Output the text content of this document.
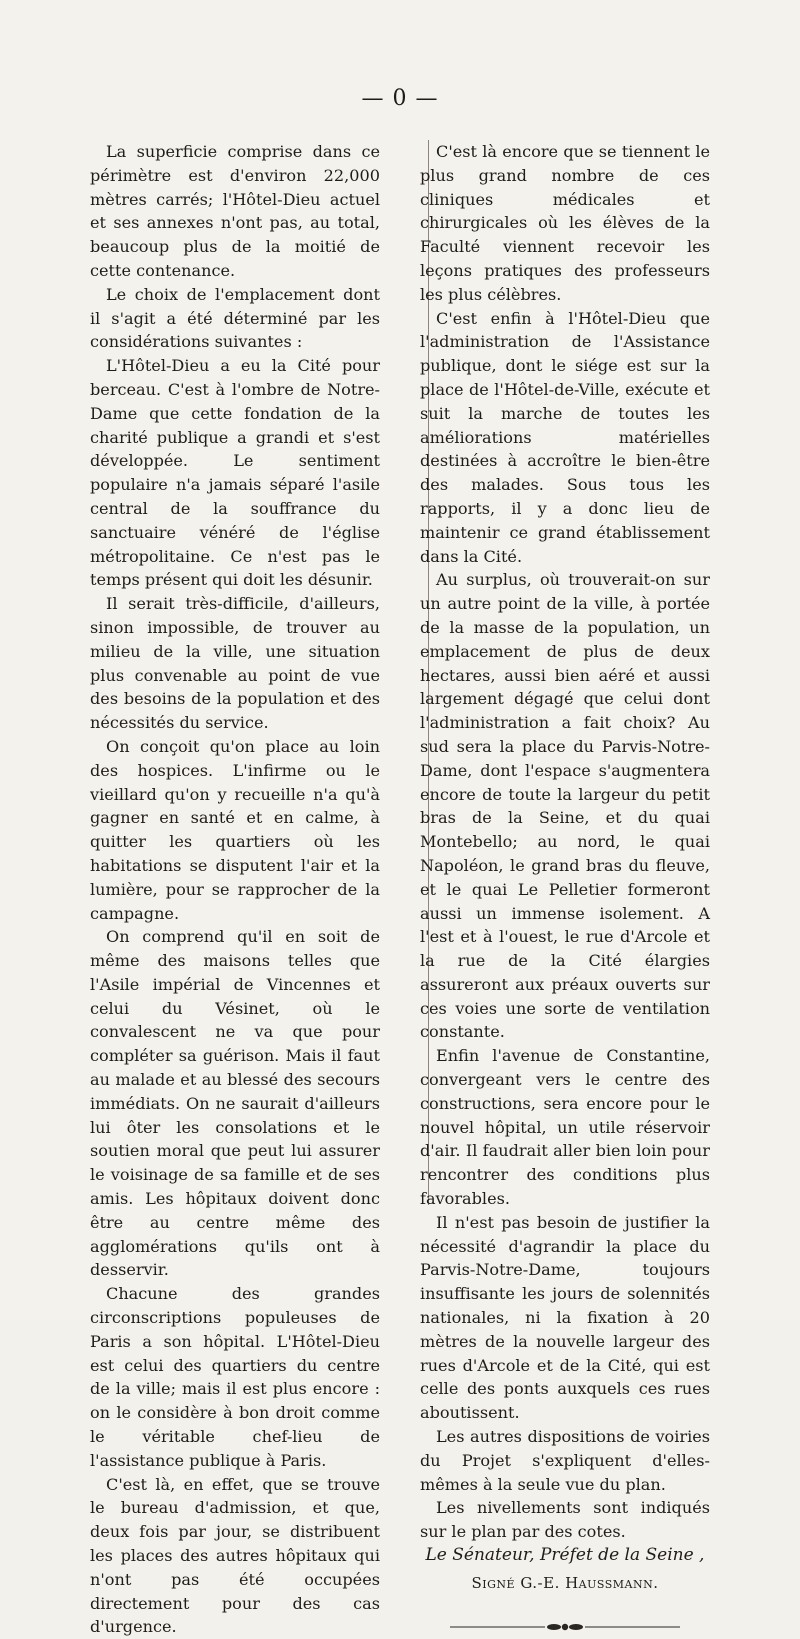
— 0 —

La superficie comprise dans ce périmètre est d'environ 22,000 mètres carrés; l'Hôtel-Dieu actuel et ses annexes n'ont pas, au total, beaucoup plus de la moitié de cette contenance.

Le choix de l'emplacement dont il s'agit a été déterminé par les considérations suivantes :

L'Hôtel-Dieu a eu la Cité pour berceau. C'est à l'ombre de Notre-Dame que cette fondation de la charité publique a grandi et s'est développée. Le sentiment populaire n'a jamais séparé l'asile central de la souffrance du sanctuaire vénéré de l'église métropolitaine. Ce n'est pas le temps présent qui doit les désunir.

Il serait très-difficile, d'ailleurs, sinon impossible, de trouver au milieu de la ville, une situation plus convenable au point de vue des besoins de la population et des nécessités du service.

On conçoit qu'on place au loin des hospices. L'infirme ou le vieillard qu'on y recueille n'a qu'à gagner en santé et en calme, à quitter les quartiers où les habitations se disputent l'air et la lumière, pour se rapprocher de la campagne.

On comprend qu'il en soit de même des maisons telles que l'Asile impérial de Vincennes et celui du Vésinet, où le convalescent ne va que pour compléter sa guérison. Mais il faut au malade et au blessé des secours immédiats. On ne saurait d'ailleurs lui ôter les consolations et le soutien moral que peut lui assurer le voisinage de sa famille et de ses amis. Les hôpitaux doivent donc être au centre même des agglomérations qu'ils ont à desservir.

Chacune des grandes circonscriptions populeuses de Paris a son hôpital. L'Hôtel-Dieu est celui des quartiers du centre de la ville; mais il est plus encore : on le considère à bon droit comme le véritable chef-lieu de l'assistance publique à Paris.

C'est là, en effet, que se trouve le bureau d'admission, et que, deux fois par jour, se distribuent les places des autres hôpitaux qui n'ont pas été occupées directement pour des cas d'urgence.

C'est là encore que se tiennent le plus grand nombre de ces cliniques médicales et chirurgicales où les élèves de la Faculté viennent recevoir les leçons pratiques des professeurs les plus célèbres.

C'est enfin à l'Hôtel-Dieu que l'administration de l'Assistance publique, dont le siége est sur la place de l'Hôtel-de-Ville, exécute et suit la marche de toutes les améliorations matérielles destinées à accroître le bien-être des malades. Sous tous les rapports, il y a donc lieu de maintenir ce grand établissement dans la Cité.

Au surplus, où trouverait-on sur un autre point de la ville, à portée de la masse de la population, un emplacement de plus de deux hectares, aussi bien aéré et aussi largement dégagé que celui dont l'administration a fait choix? Au sud sera la place du Parvis-Notre-Dame, dont l'espace s'augmentera encore de toute la largeur du petit bras de la Seine, et du quai Montebello; au nord, le quai Napoléon, le grand bras du fleuve, et le quai Le Pelletier formeront aussi un immense isolement. A l'est et à l'ouest, le rue d'Arcole et la rue de la Cité élargies assureront aux préaux ouverts sur ces voies une sorte de ventilation constante.

Enfin l'avenue de Constantine, convergeant vers le centre des constructions, sera encore pour le nouvel hôpital, un utile réservoir d'air. Il faudrait aller bien loin pour rencontrer des conditions plus favorables.

Il n'est pas besoin de justifier la nécessité d'agrandir la place du Parvis-Notre-Dame, toujours insuffisante les jours de solennités nationales, ni la fixation à 20 mètres de la nouvelle largeur des rues d'Arcole et de la Cité, qui est celle des ponts auxquels ces rues aboutissent.

Les autres dispositions de voiries du Projet s'expliquent d'elles-mêmes à la seule vue du plan.

Les nivellements sont indiqués sur le plan par des cotes.

Le Sénateur, Préfet de la Seine ,
Signé G.-E. Haussmann.
